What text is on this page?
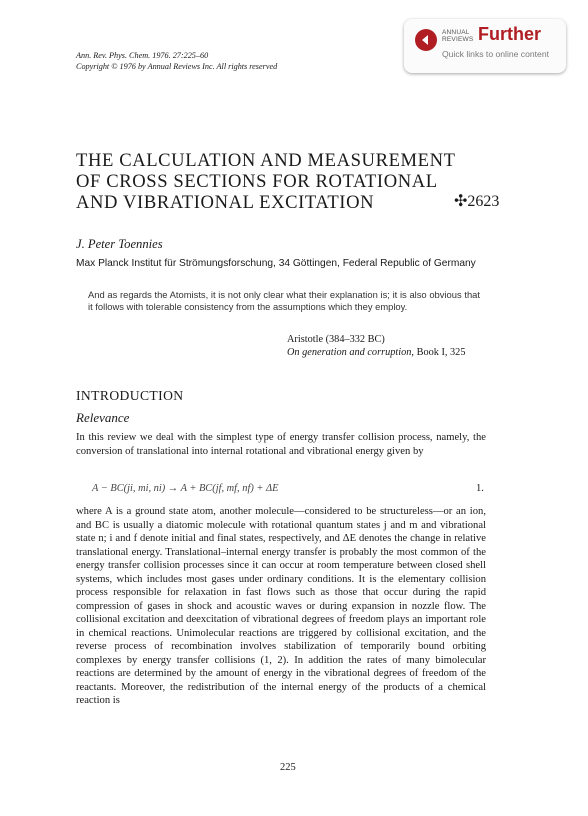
Ann. Rev. Phys. Chem. 1976. 27:225–60
Copyright © 1976 by Annual Reviews Inc. All rights reserved
ANNUAL
REVIEWS Further
Quick links to online content
THE CALCULATION AND MEASUREMENT
OF CROSS SECTIONS FOR ROTATIONAL
AND VIBRATIONAL EXCITATION	✣2623
J. Peter Toennies
Max Planck Institut für Strömungsforschung, 34 Göttingen, Federal Republic of Germany
And as regards the Atomists, it is not only clear what their explanation is; it is also obvious that it follows with tolerable consistency from the assumptions which they employ.
Aristotle (384–332 BC)
On generation and corruption, Book I, 325
INTRODUCTION
Relevance
In this review we deal with the simplest type of energy transfer collision process, namely, the conversion of translational into internal rotational and vibrational energy given by
A − BC(ji, mi, ni) → A + BC(jf, mf, nf) + ΔE	1.
where A is a ground state atom, another molecule—considered to be structureless—or an ion, and BC is usually a diatomic molecule with rotational quantum states j and m and vibrational state n; i and f denote initial and final states, respectively, and ΔE denotes the change in relative translational energy. Translational–internal energy transfer is probably the most common of the energy transfer collision processes since it can occur at room temperature between closed shell systems, which includes most gases under ordinary conditions. It is the elementary collision process responsible for relaxation in fast flows such as those that occur during the rapid compression of gases in shock and acoustic waves or during expansion in nozzle flow. The collisional excitation and deexcitation of vibrational degrees of freedom plays an important role in chemical reactions. Unimolecular reactions are triggered by collisional excitation, and the reverse process of recombination involves stabilization of temporarily bound orbiting complexes by energy transfer collisions (1, 2). In addition the rates of many bimolecular reactions are determined by the amount of energy in the vibrational degrees of freedom of the reactants. Moreover, the redistribution of the internal energy of the products of a chemical reaction is
225
